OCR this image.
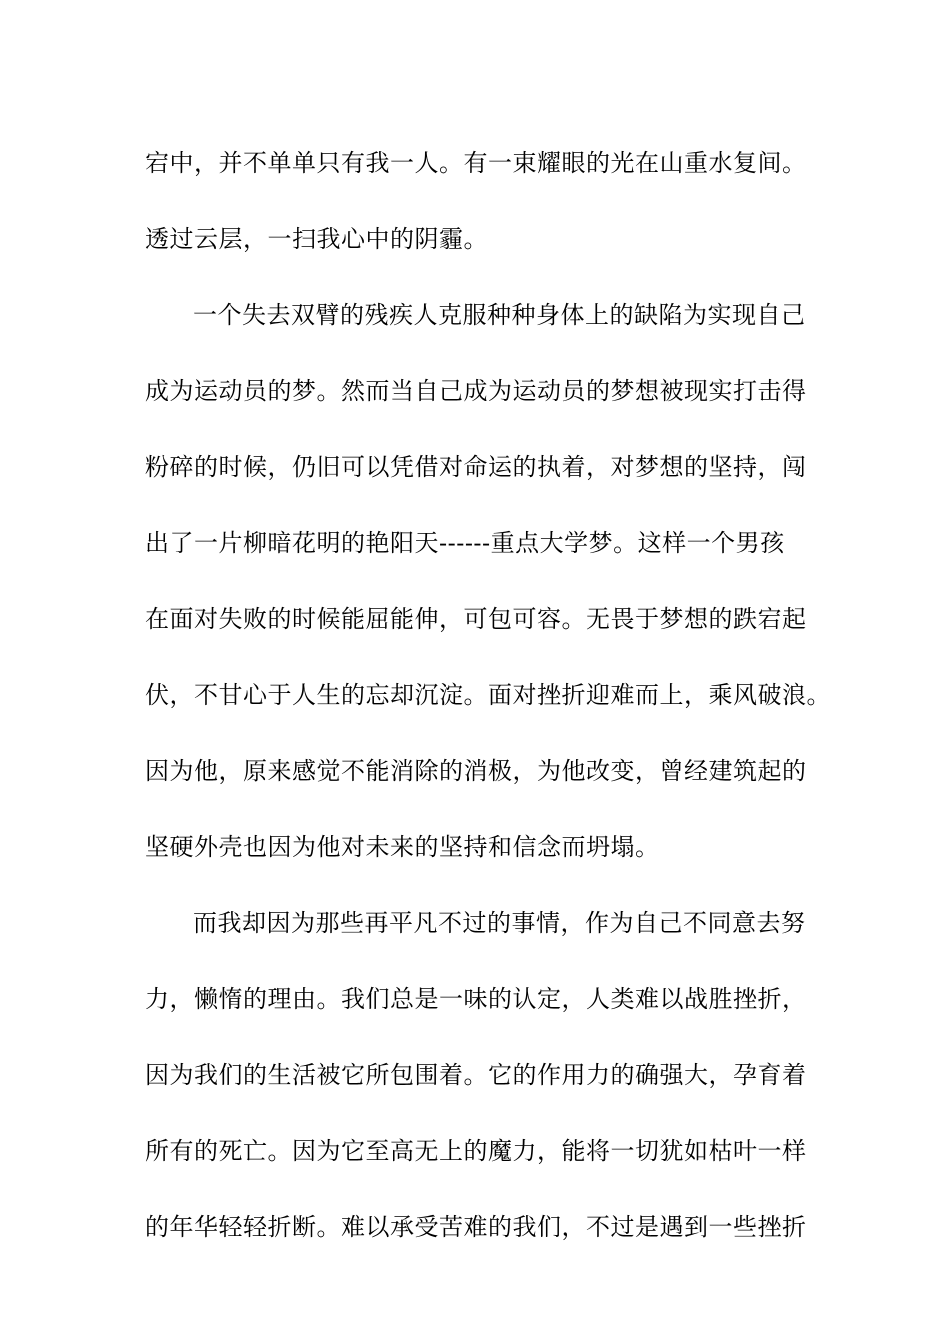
宕中，并不单单只有我一人。有一束耀眼的光在山重水复间。
透过云层，一扫我心中的阴霾。
一个失去双臂的残疾人克服种种身体上的缺陷为实现自己
成为运动员的梦。然而当自己成为运动员的梦想被现实打击得
粉碎的时候，仍旧可以凭借对命运的执着，对梦想的坚持，闯
出了一片柳暗花明的艳阳天------重点大学梦。这样一个男孩
在面对失败的时候能屈能伸，可包可容。无畏于梦想的跌宕起
伏，不甘心于人生的忘却沉淀。面对挫折迎难而上，乘风破浪。
因为他，原来感觉不能消除的消极，为他改变，曾经建筑起的
坚硬外壳也因为他对未来的坚持和信念而坍塌。
而我却因为那些再平凡不过的事情，作为自己不同意去努
力，懒惰的理由。我们总是一味的认定，人类难以战胜挫折，
因为我们的生活被它所包围着。它的作用力的确强大，孕育着
所有的死亡。因为它至高无上的魔力，能将一切犹如枯叶一样
的年华轻轻折断。难以承受苦难的我们，不过是遇到一些挫折
